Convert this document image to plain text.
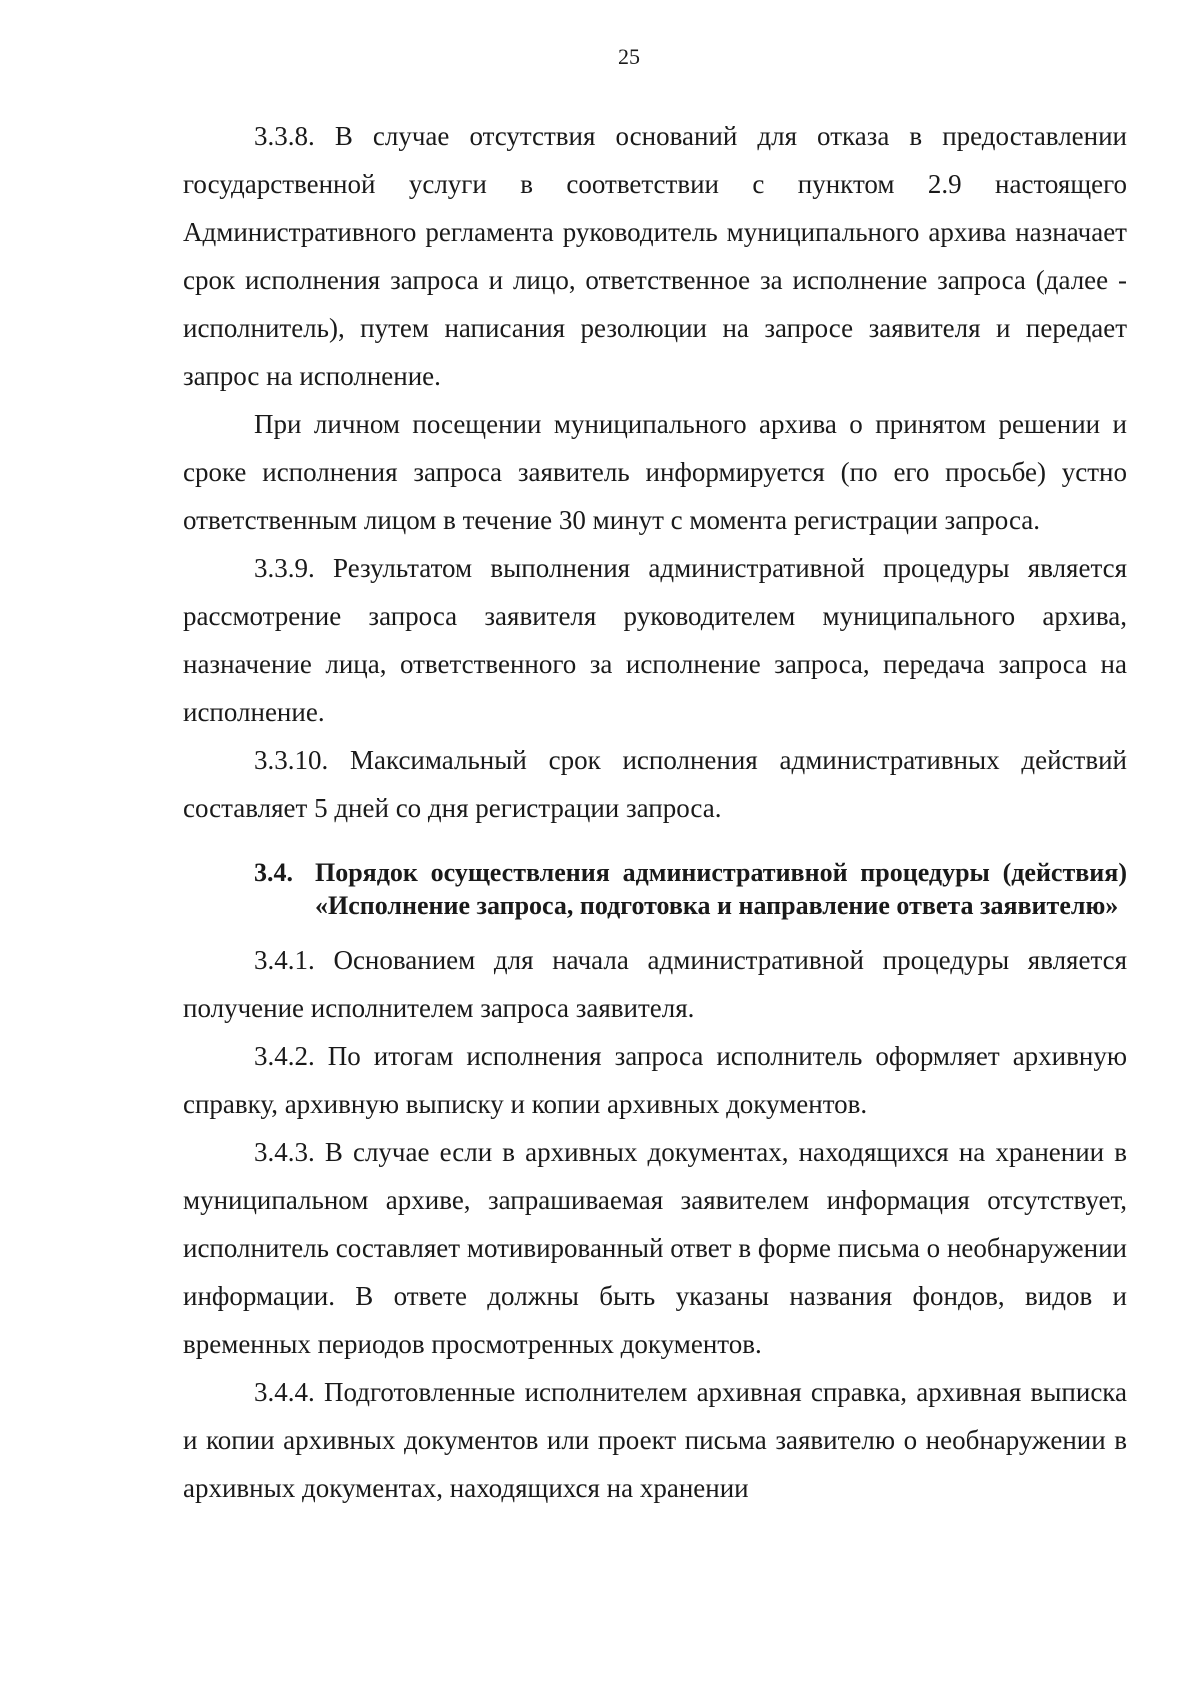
25

3.3.8. В случае отсутствия оснований для отказа в предоставлении государственной услуги в соответствии с пунктом 2.9 настоящего Административного регламента руководитель муниципального архива назначает срок исполнения запроса и лицо, ответственное за исполнение запроса (далее - исполнитель), путем написания резолюции на запросе заявителя и передает запрос на исполнение.

При личном посещении муниципального архива о принятом решении и сроке исполнения запроса заявитель информируется (по его просьбе) устно ответственным лицом в течение 30 минут с момента регистрации запроса.

3.3.9. Результатом выполнения административной процедуры является рассмотрение запроса заявителя руководителем муниципального архива, назначение лица, ответственного за исполнение запроса, передача запроса на исполнение.

3.3.10. Максимальный срок исполнения административных действий составляет 5 дней со дня регистрации запроса.

3.4. Порядок осуществления административной процедуры (действия) «Исполнение запроса, подготовка и направление ответа заявителю»

3.4.1. Основанием для начала административной процедуры является получение исполнителем запроса заявителя.

3.4.2. По итогам исполнения запроса исполнитель оформляет архивную справку, архивную выписку и копии архивных документов.

3.4.3. В случае если в архивных документах, находящихся на хранении в муниципальном архиве, запрашиваемая заявителем информация отсутствует, исполнитель составляет мотивированный ответ в форме письма о необнаружении информации. В ответе должны быть указаны названия фондов, видов и временных периодов просмотренных документов.

3.4.4. Подготовленные исполнителем архивная справка, архивная выписка и копии архивных документов или проект письма заявителю о необнаружении в архивных документах, находящихся на хранении
